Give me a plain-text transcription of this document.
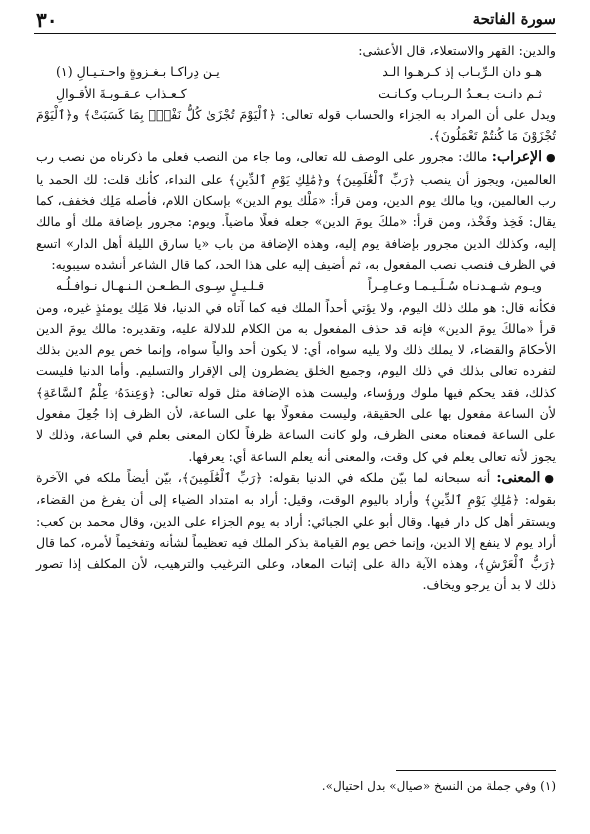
سورة الفاتحة
٣٠

والدين: القهر والاستعلاء، قال الأعشى:

هـو دان الـرِّبـاب إذ كـرهـوا الـد
يـن دِراكـا بـغـزوةٍ واحـتـيـالِ (١)
ثـم دانـت بـعـدُ الـربـاب وكـانـت
كـعـذاب عـقـوبـةَ الأقـوالِ

ويدل على أن المراد به الجزاء والحساب قوله تعالى: ﴿ٱلْيَوْمَ تُجْزَىٰ كُلُّ نَفْسٍۭ بِمَا كَسَبَتْ﴾ و﴿ٱلْيَوْمَ تُجْزَوْنَ مَا كُنتُمْ تَعْمَلُونَ﴾.

●الإعراب: مالك: مجرور على الوصف لله تعالى، وما جاء من النصب فعلى ما ذكرناه من نصب رب العالمين، ويجوز أن ينصب ﴿رَبِّ ٱلْعَٰلَمِينَ﴾ و﴿مَٰلِكِ يَوْمِ ٱلدِّينِ﴾ على النداء، كأنك قلت: لك الحمد يا رب العالمين، ويا مالك يوم الدين، ومن قرأ: «مَلْك يوم الدين» بإسكان اللام، فأصله مَلِك فخفف، كما يقال: فَخِذ وفَخْذ، ومن قرأ: «ملكَ يومَ الدين» جعله فعلًا ماضياً. ويوم: مجرور بإضافة ملك أو مالك إليه، وكذلك الدين مجرور بإضافة يوم إليه، وهذه الإضافة من باب «يا سارق الليلة أهل الدار» اتسع في الظرف فنصب نصب المفعول به، ثم أضيف إليه على هذا الحد، كما قال الشاعر أنشده سيبويه:

ويـوم شـهـدنـاه سُـلَـيـمـا وعـامِـراً
قـلـيـلٍ سِـوى الـطـعـن الـنـهـال نـوافـلُـه

فكأنه قال: هو ملك ذلك اليوم، ولا يؤتي أحداً الملك فيه كما آتاه في الدنيا، فلا مَلِك يومئذٍ غيره، ومن قرأ «مالكَ يومَ الدين» فإنه قد حذف المفعول به من الكلام للدلالة عليه، وتقديره: مالك يومَ الدين الأحكامَ والقضاء، لا يملك ذلك ولا يليه سواه، أي: لا يكون أحد والياً سواه، وإنما خص يوم الدين بذلك لتفرده تعالى بذلك في ذلك اليوم، وجميع الخلق يضطرون إلى الإقرار والتسليم. وأما الدنيا فليست كذلك، فقد يحكم فيها ملوك ورؤساء، وليست هذه الإضافة مثل قوله تعالى: ﴿وَعِندَهُۥ عِلْمُ ٱلسَّاعَةِ﴾ لأن الساعة مفعول بها على الحقيقة، وليست مفعولًا بها على الساعة، لأن الظرف إذا جُعِلَ مفعول على الساعة فمعناه معنى الظرف، ولو كانت الساعة ظرفاً لكان المعنى بعلم في الساعة، وذلك لا يجوز لأنه تعالى يعلم في كل وقت، والمعنى أنه يعلم الساعة أي: يعرفها.

●المعنى: أنه سبحانه لما بيّن ملكه في الدنيا بقوله: ﴿رَبِّ ٱلْعَٰلَمِينَ﴾، بيّن أيضاً ملكه في الآخرة بقوله: ﴿مَٰلِكِ يَوْمِ ٱلدِّينِ﴾ وأراد باليوم الوقت، وقيل: أراد به امتداد الضياء إلى أن يفرغ من القضاء، ويستقر أهل كل دار فيها. وقال أبو علي الجبائي: أراد به يوم الجزاء على الدين، وقال محمد بن كعب: أراد يوم لا ينفع إلا الدين، وإنما خص يوم القيامة بذكر الملك فيه تعظيماً لشأنه وتفخيماً لأمره، كما قال ﴿رَبُّ ٱلْعَرْشِ﴾، وهذه الآية دالة على إثبات المعاد، وعلى الترغيب والترهيب، لأن المكلف إذا تصور ذلك لا بد أن يرجو ويخاف.

(١) وفي جملة من النسخ «صيال» بدل احتيال».
